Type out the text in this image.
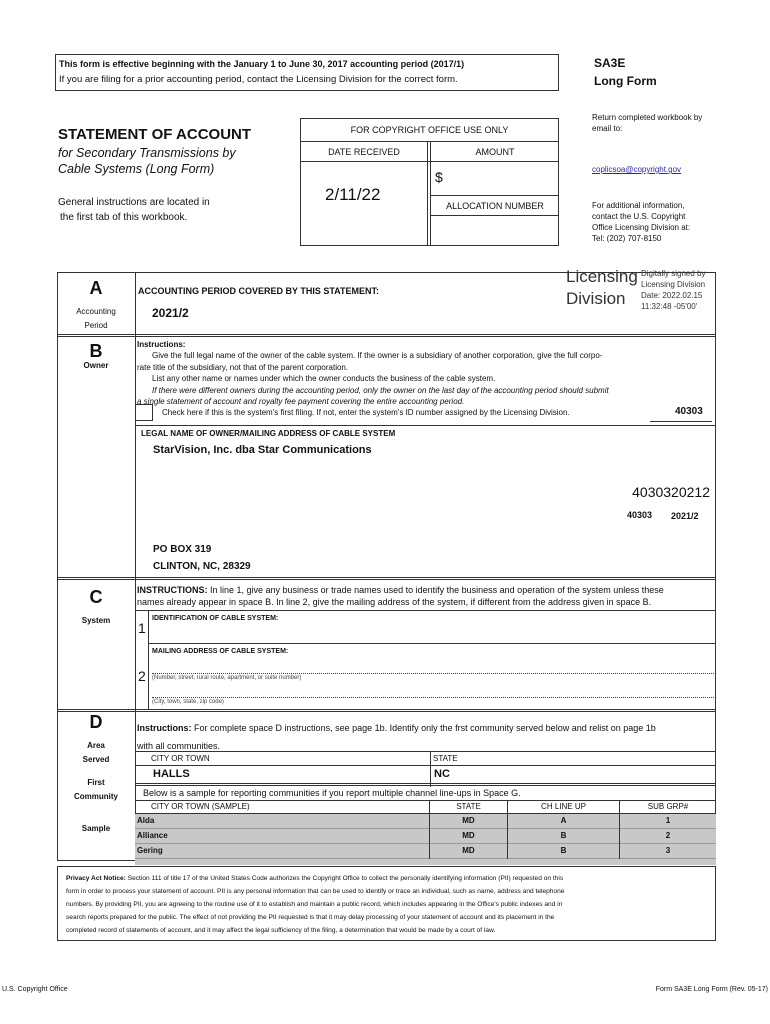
This form is effective beginning with the January 1 to June 30, 2017 accounting period (2017/1)
If you are filing for a prior accounting period, contact the Licensing Division for the correct form.
SA3E
Long Form
STATEMENT OF ACCOUNT
for Secondary Transmissions by
Cable Systems (Long Form)
General instructions are located in
the first tab of this workbook.
FOR COPYRIGHT OFFICE USE ONLY
DATE RECEIVED	AMOUNT
2/11/22
$
ALLOCATION NUMBER
Return completed workbook by email to:
coplicsoa@copyright.gov
For additional information,
contact the U.S. Copyright
Office Licensing Division at:
Tel: (202) 707-8150
A
Accounting
Period
ACCOUNTING PERIOD COVERED BY THIS STATEMENT:
2021/2
Licensing
Division
Digitally signed by
Licensing Division
Date: 2022.02.15
11:32:48 -05'00'
B
Owner
Instructions:
Give the full legal name of the owner of the cable system. If the owner is a subsidiary of another corporation, give the full corpo-
rate title of the subsidiary, not that of the parent corporation.
List any other name or names under which the owner conducts the business of the cable system.
If there were different owners during the accounting period, only the owner on the last day of the accounting period should submit
a single statement of account and royalty fee payment covering the entire accounting period.
Check here if this is the system's first filing. If not, enter the system's ID number assigned by the Licensing Division.	40303
LEGAL NAME OF OWNER/MAILING ADDRESS OF CABLE SYSTEM
StarVision, Inc. dba Star Communications
4030320212
40303 2021/2
PO BOX 319
CLINTON, NC, 28329
C
System
INSTRUCTIONS: In line 1, give any business or trade names used to identify the business and operation of the system unless these
names already appear in space B. In line 2, give the mailing address of the system, if different from the address given in space B.
1
IDENTIFICATION OF CABLE SYSTEM:
MAILING ADDRESS OF CABLE SYSTEM:
2 (Number, street, rural route, apartment, or suite number)
(City, town, state, zip code)
D
Area
Served
First
Community
Sample
Instructions: For complete space D instructions, see page 1b. Identify only the frst community served below and relist on page 1b
with all communities.
CITY OR TOWN	STATE
HALLS	NC
Below is a sample for reporting communities if you report multiple channel line-ups in Space G.
CITY OR TOWN (SAMPLE)	STATE	CH LINE UP	SUB GRP#
Alda	MD	A	1
Alliance	MD	B	2
Gering	MD	B	3
Privacy Act Notice: Section 111 of title 17 of the United States Code authorizes the Copyright Office to collect the personally identifying information (PII) requested on this
form in order to process your statement of account. PII is any personal information that can be used to identify or trace an individual, such as name, address and telephone
numbers. By providing PII, you are agreeing to the routine use of it to establish and maintain a public record, which includes appearing in the Office's public indexes and in
search reports prepared for the public. The effect of not providing the PII requested is that it may delay processing of your statement of account and its placement in the
completed record of statements of account, and it may affect the legal sufficiency of the filing, a determination that would be made by a court of law.
U.S. Copyright Office	Form SA3E Long Form (Rev. 05-17)
